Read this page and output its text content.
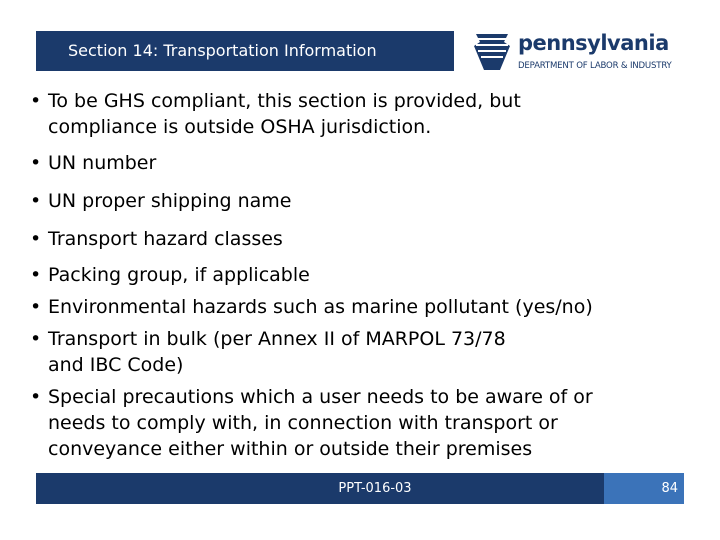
Section 14: Transportation Information	pennsylvania
DEPARTMENT OF LABOR & INDUSTRY
• To be GHS compliant, this section is provided, but
compliance is outside OSHA jurisdiction.
• UN number
• UN proper shipping name
• Transport hazard classes
• Packing group, if applicable
• Environmental hazards such as marine pollutant (yes/no)
• Transport in bulk (per Annex II of MARPOL 73/78
and IBC Code)
• Special precautions which a user needs to be aware of or
needs to comply with, in connection with transport or
conveyance either within or outside their premises
PPT-016-03	84
